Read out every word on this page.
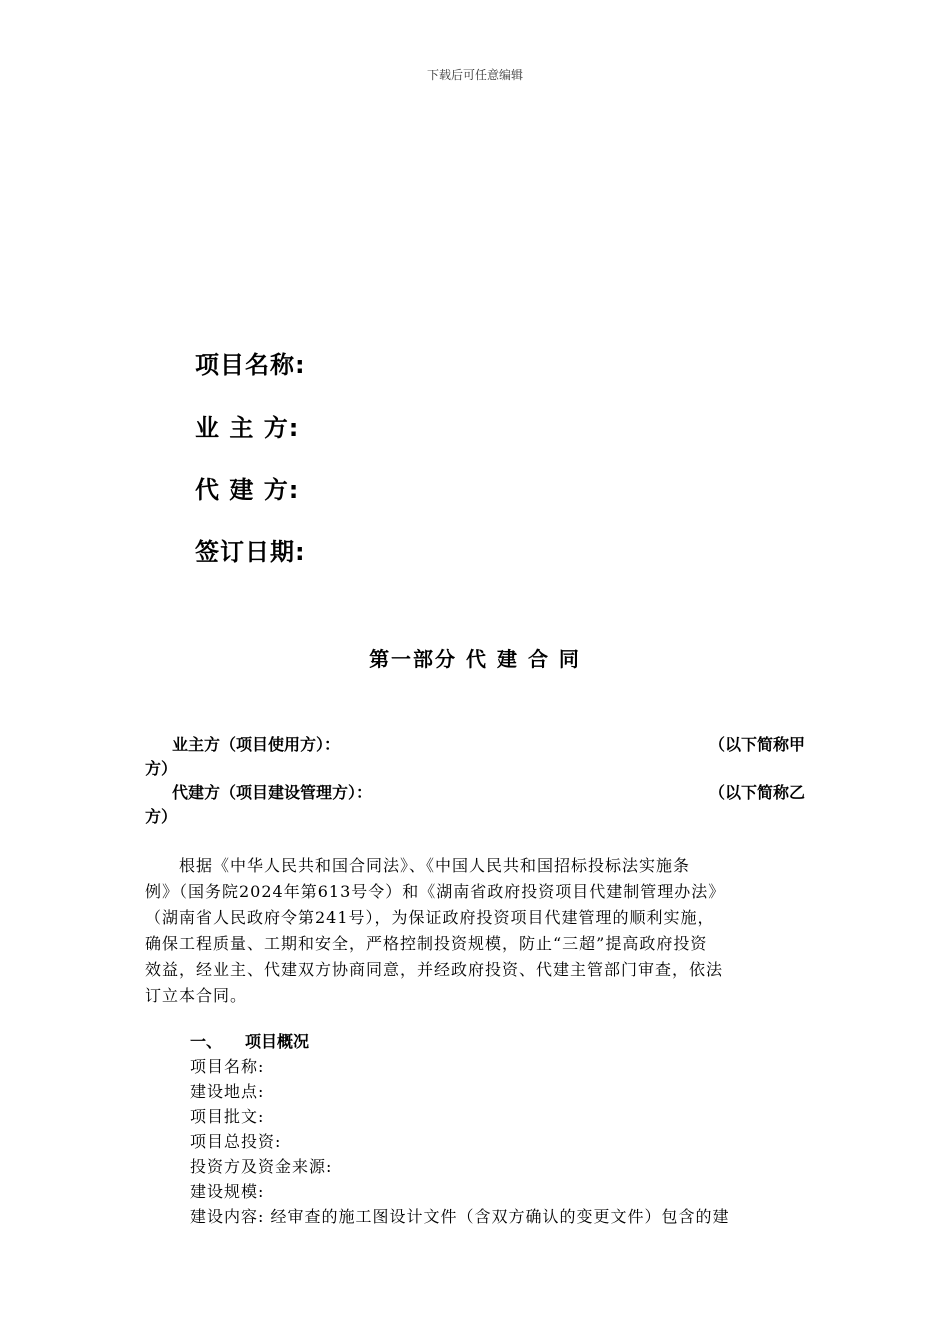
下载后可任意编辑
项目名称:
业 主 方:
代 建 方:
签订日期:
第一部分 代 建 合 同
业主方（项目使用方）：	（以下简称甲
方）
代建方（项目建设管理方）：	（以下简称乙
方）
　　根据《中华人民共和国合同法》、《中国人民共和国招标投标法实施条
例》（国务院2024年第613号令）和《湖南省政府投资项目代建制管理办法》
（湖南省人民政府令第241号），为保证政府投资项目代建管理的顺利实施，
确保工程质量、工期和安全，严格控制投资规模，防止“三超”提高政府投资
效益，经业主、代建双方协商同意，并经政府投资、代建主管部门审查，依法
订立本合同。
一、 项目概况
项目名称:
建设地点:
项目批文:
项目总投资:
投资方及资金来源:
建设规模:
建设内容: 经审查的施工图设计文件（含双方确认的变更文件）包含的建
